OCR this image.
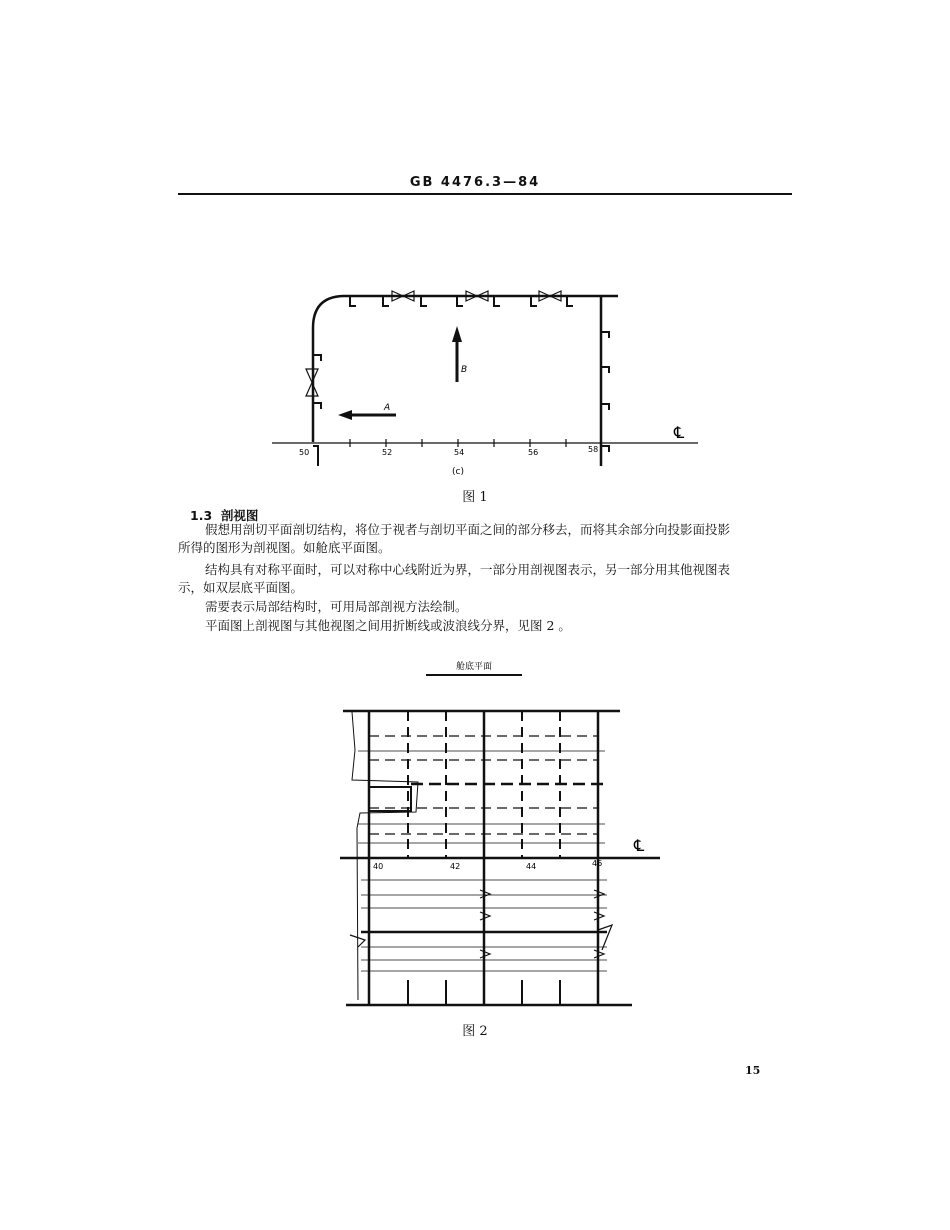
GB 4476.3—84
A
B
50	52	54	56	58
℄
(c)
图 1
1.3 剖视图
假想用剖切平面剖切结构，将位于视者与剖切平面之间的部分移去，而将其余部分向投影面投影
所得的图形为剖视图。如舱底平面图。
结构具有对称平面时，可以对称中心线附近为界，一部分用剖视图表示，另一部分用其他视图表
示，如双层底平面图。
需要表示局部结构时，可用局部剖视方法绘制。
平面图上剖视图与其他视图之间用折断线或波浪线分界，见图 2 。
舱底平面
℄
40	42	44	46
图 2
15
